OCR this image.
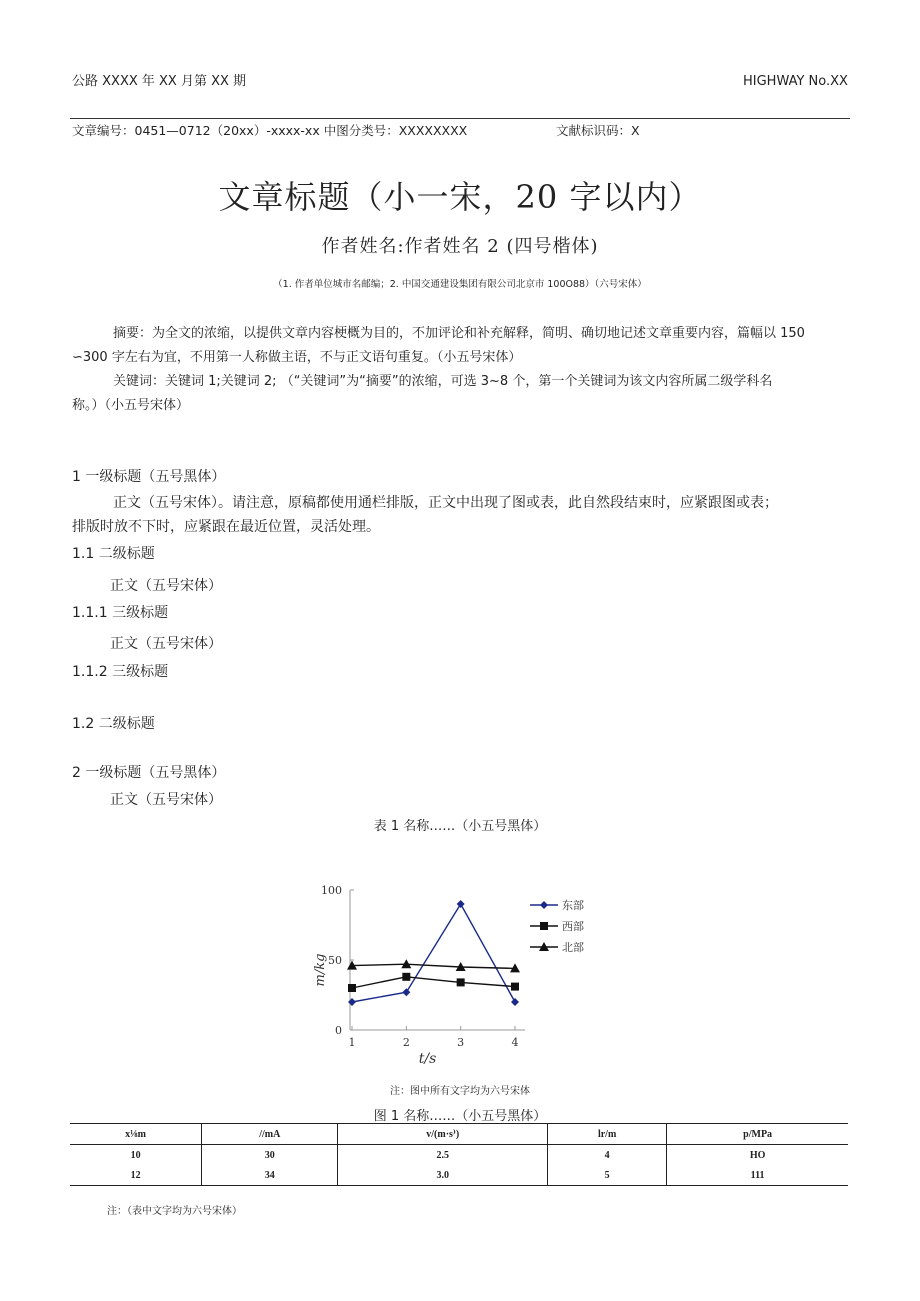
公路 XXXX 年 XX 月第 XX 期	HIGHWAY No.XX
文章编号：0451—0712（20xx）-xxxx-xx 中图分类号：XXXXXXXX	文献标识码：X
文章标题（小一宋，20 字以内）
作者姓名:作者姓名 2 (四号楷体)
（1. 作者单位城市名邮编；2. 中国交通建设集团有限公司北京市 100O88）（六号宋体）
摘要：为全文的浓缩，以提供文章内容梗概为目的，不加评论和补充解释，简明、确切地记述文章重要内容，篇幅以 150
∽300 字左右为宜，不用第一人称做主语，不与正文语句重复。（小五号宋体）
关键词：关键词 1;关键词 2; （“关键词”为“摘要”的浓缩，可选 3~8 个，第一个关键词为该文内容所属二级学科名
称。）（小五号宋体）
1 一级标题（五号黑体）
正文（五号宋体）。请注意，原稿都使用通栏排版，正文中出现了图或表，此自然段结束时，应紧跟图或表；
排版时放不下时，应紧跟在最近位置，灵活处理。
1.1 二级标题
正文（五号宋体）
1.1.1 三级标题
正文（五号宋体）
1.1.2 三级标题
1.2 二级标题
2 一级标题（五号黑体）
正文（五号宋体）
表 1 名称……（小五号黑体）
0
50
100
1	2	3	4
t/s
m/kg
东部
西部
北部
注：图中所有文字均为六号宋体
图 1 名称……（小五号黑体）
x⅛m	//mA	v/(m·s⁾)	lr/m	p/MPa
10	30	2.5	4	HO
12	34	3.0	5	111
注：（表中文字均为六号宋体）
